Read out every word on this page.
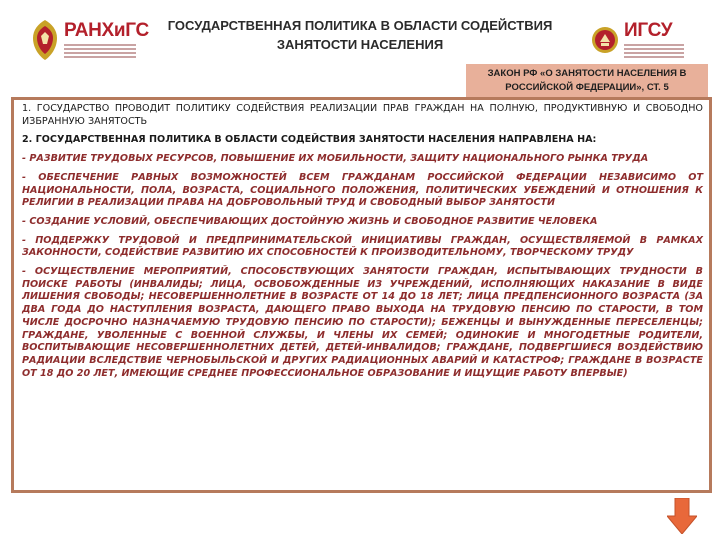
РАНХиГС	ГОСУДАРСТВЕННАЯ ПОЛИТИКА В ОБЛАСТИ СОДЕЙСТВИЯ ЗАНЯТОСТИ НАСЕЛЕНИЯ
ИГСУ
ЗАКОН РФ «О ЗАНЯТОСТИ НАСЕЛЕНИЯ В РОССИЙСКОЙ ФЕДЕРАЦИИ», СТ. 5

1. ГОСУДАРСТВО ПРОВОДИТ ПОЛИТИКУ СОДЕЙСТВИЯ РЕАЛИЗАЦИИ ПРАВ ГРАЖДАН НА ПОЛНУЮ, ПРОДУКТИВНУЮ И СВОБОДНО ИЗБРАННУЮ ЗАНЯТОСТЬ

2. ГОСУДАРСТВЕННАЯ ПОЛИТИКА В ОБЛАСТИ СОДЕЙСТВИЯ ЗАНЯТОСТИ НАСЕЛЕНИЯ НАПРАВЛЕНА НА:

- РАЗВИТИЕ ТРУДОВЫХ РЕСУРСОВ, ПОВЫШЕНИЕ ИХ МОБИЛЬНОСТИ, ЗАЩИТУ НАЦИОНАЛЬНОГО РЫНКА ТРУДА

- ОБЕСПЕЧЕНИЕ РАВНЫХ ВОЗМОЖНОСТЕЙ ВСЕМ ГРАЖДАНАМ РОССИЙСКОЙ ФЕДЕРАЦИИ НЕЗАВИСИМО ОТ НАЦИОНАЛЬНОСТИ, ПОЛА, ВОЗРАСТА, СОЦИАЛЬНОГО ПОЛОЖЕНИЯ, ПОЛИТИЧЕСКИХ УБЕЖДЕНИЙ И ОТНОШЕНИЯ К РЕЛИГИИ В РЕАЛИЗАЦИИ ПРАВА НА ДОБРОВОЛЬНЫЙ ТРУД И СВОБОДНЫЙ ВЫБОР ЗАНЯТОСТИ

- СОЗДАНИЕ УСЛОВИЙ, ОБЕСПЕЧИВАЮЩИХ ДОСТОЙНУЮ ЖИЗНЬ И СВОБОДНОЕ РАЗВИТИЕ ЧЕЛОВЕКА

- ПОДДЕРЖКУ ТРУДОВОЙ И ПРЕДПРИНИМАТЕЛЬСКОЙ ИНИЦИАТИВЫ ГРАЖДАН, ОСУЩЕСТВЛЯЕМОЙ В РАМКАХ ЗАКОННОСТИ, СОДЕЙСТВИЕ РАЗВИТИЮ ИХ СПОСОБНОСТЕЙ К ПРОИЗВОДИТЕЛЬНОМУ, ТВОРЧЕСКОМУ ТРУДУ

- ОСУЩЕСТВЛЕНИЕ МЕРОПРИЯТИЙ, СПОСОБСТВУЮЩИХ ЗАНЯТОСТИ ГРАЖДАН, ИСПЫТЫВАЮЩИХ ТРУДНОСТИ В ПОИСКЕ РАБОТЫ (ИНВАЛИДЫ; ЛИЦА, ОСВОБОЖДЕННЫЕ ИЗ УЧРЕЖДЕНИЙ, ИСПОЛНЯЮЩИХ НАКАЗАНИЕ В ВИДЕ ЛИШЕНИЯ СВОБОДЫ; НЕСОВЕРШЕННОЛЕТНИЕ В ВОЗРАСТЕ ОТ 14 ДО 18 ЛЕТ; ЛИЦА ПРЕДПЕНСИОННОГО ВОЗРАСТА (ЗА ДВА ГОДА ДО НАСТУПЛЕНИЯ ВОЗРАСТА, ДАЮЩЕГО ПРАВО ВЫХОДА НА ТРУДОВУЮ ПЕНСИЮ ПО СТАРОСТИ, В ТОМ ЧИСЛЕ ДОСРОЧНО НАЗНАЧАЕМУЮ ТРУДОВУЮ ПЕНСИЮ ПО СТАРОСТИ); БЕЖЕНЦЫ И ВЫНУЖДЕННЫЕ ПЕРЕСЕЛЕНЦЫ; ГРАЖДАНЕ, УВОЛЕННЫЕ С ВОЕННОЙ СЛУЖБЫ, И ЧЛЕНЫ ИХ СЕМЕЙ; ОДИНОКИЕ И МНОГОДЕТНЫЕ РОДИТЕЛИ, ВОСПИТЫВАЮЩИЕ НЕСОВЕРШЕННОЛЕТНИХ ДЕТЕЙ, ДЕТЕЙ-ИНВАЛИДОВ; ГРАЖДАНЕ, ПОДВЕРГШИЕСЯ ВОЗДЕЙСТВИЮ РАДИАЦИИ ВСЛЕДСТВИЕ ЧЕРНОБЫЛЬСКОЙ И ДРУГИХ РАДИАЦИОННЫХ АВАРИЙ И КАТАСТРОФ; ГРАЖДАНЕ В ВОЗРАСТЕ ОТ 18 ДО 20 ЛЕТ, ИМЕЮЩИЕ СРЕДНЕЕ ПРОФЕССИОНАЛЬНОЕ ОБРАЗОВАНИЕ И ИЩУЩИЕ РАБОТУ ВПЕРВЫЕ)
